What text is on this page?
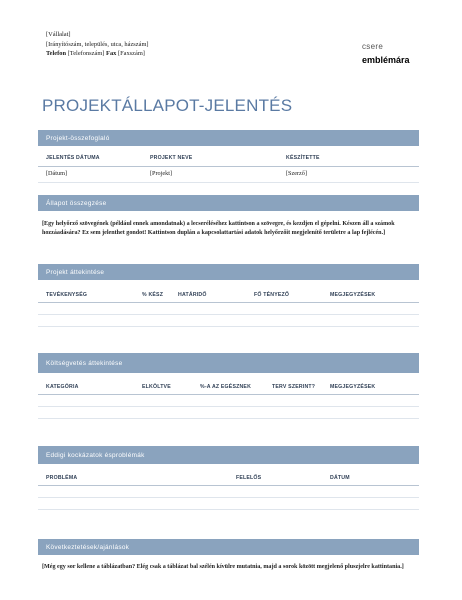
[Vállalat]
[Irányítószám, település, utca, házszám]
Telefon [Telefonszám] Fax [Faxszám]
csere
emblémára
PROJEKTÁLLAPOT-JELENTÉS
Projekt-összefoglaló
JELENTÉS DÁTUMA	PROJEKT NEVE	KÉSZÍTETTE
[Dátum]	[Projekt]	[Szerző]
Állapot összegzése
[Egy helyőrző szövegének (például ennek amondatnak) a lecseréléséhez kattintson a szövegre, és kezdjen el gépelni. Készen áll a számok hozzáadására? Ez sem jelenthet gondot! Kattintson duplán a kapcsolattartási adatok helyőrzőit megjelenítő területre a lap fejlécén.]
Projekt áttekintése
TEVÉKENYSÉG	% KÉSZ	HATÁRIDŐ	FŐ TÉNYEZŐ	MEGJEGYZÉSEK
Költségvetés áttekintése
KATEGÓRIA	ELKÖLTVE	%-A AZ EGÉSZNEK	TERV SZERINT?	MEGJEGYZÉSEK
Eddigi kockázatok ésproblémák
PROBLÉMA	FELELŐS	DÁTUM
Következtetések/ajánlások
[Még egy sor kellene a táblázatban? Elég csak a táblázat bal szélén kívülre mutatnia, majd a sorok között megjelenő pluszjelre kattintania.]
